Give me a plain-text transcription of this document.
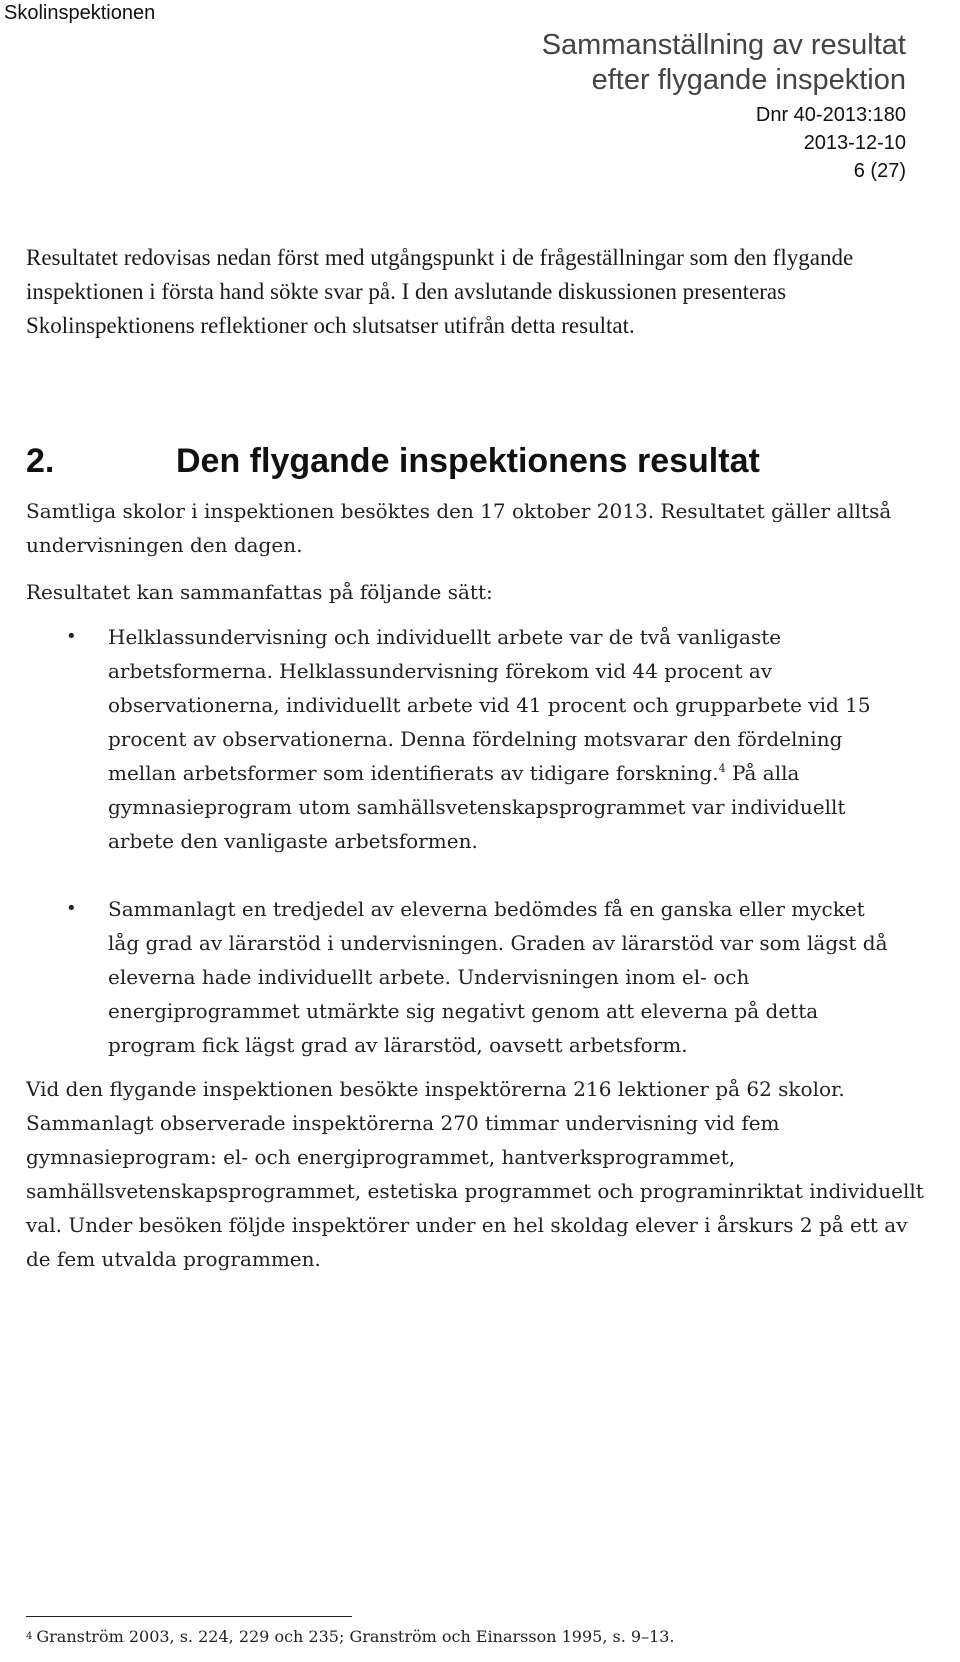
Skolinspektionen
Sammanställning av resultat
efter flygande inspektion
Dnr 40-2013:180
2013-12-10
6 (27)

Resultatet redovisas nedan först med utgångspunkt i de frågeställningar som den flygande inspektionen i första hand sökte svar på. I den avslutande diskussionen presenteras Skolinspektionens reflektioner och slutsatser utifrån detta resultat.

2.	Den flygande inspektionens resultat

Samtliga skolor i inspektionen besöktes den 17 oktober 2013. Resultatet gäller alltså undervisningen den dagen.

Resultatet kan sammanfattas på följande sätt:

• Helklassundervisning och individuellt arbete var de två vanligaste arbetsformerna. Helklassundervisning förekom vid 44 procent av observationerna, individuellt arbete vid 41 procent och grupparbete vid 15 procent av observationerna. Denna fördelning motsvarar den fördelning mellan arbetsformer som identifierats av tidigare forskning.$^4$ På alla gymnasieprogram utom samhällsvetenskapsprogrammet var individuellt arbete den vanligaste arbetsformen.
• Sammanlagt en tredjedel av eleverna bedömdes få en ganska eller mycket låg grad av lärarstöd i undervisningen. Graden av lärarstöd var som lägst då eleverna hade individuellt arbete. Undervisningen inom el- och energiprogrammet utmärkte sig negativt genom att eleverna på detta program fick lägst grad av lärarstöd, oavsett arbetsform.

Vid den flygande inspektionen besökte inspektörerna 216 lektioner på 62 skolor. Sammanlagt observerade inspektörerna 270 timmar undervisning vid fem gymnasieprogram: el- och energiprogrammet, hantverksprogrammet, samhällsvetenskapsprogrammet, estetiska programmet och programinriktat individuellt val. Under besöken följde inspektörer under en hel skoldag elever i årskurs 2 på ett av de fem utvalda programmen.

$^4$ Granström 2003, s. 224, 229 och 235; Granström och Einarsson 1995, s. 9–13.
